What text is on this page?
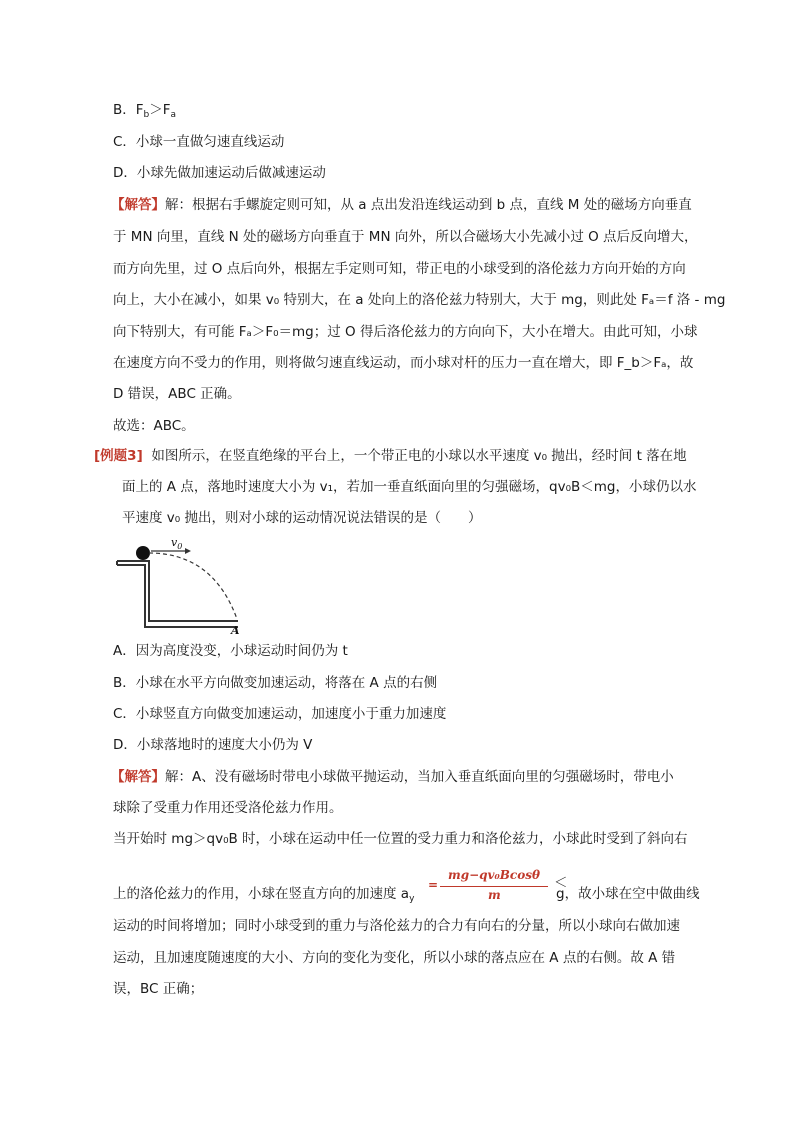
B．$F_b>F_a$
C．小球一直做匀速直线运动
D．小球先做加速运动后做减速运动
【解答】解：根据右手螺旋定则可知，从 a 点出发沿连线运动到 b 点，直线 M 处的磁场方向垂直
于 MN 向里，直线 N 处的磁场方向垂直于 MN 向外，所以合磁场大小先减小过 O 点后反向增大，
而方向先里，过 O 点后向外，根据左手定则可知，带正电的小球受到的洛伦兹力方向开始的方向
向上，大小在减小，如果 v₀ 特别大，在 a 处向上的洛伦兹力特别大，大于 mg，则此处 Fₐ＝f 洛 - mg
向下特别大，有可能 Fₐ＞F₀＝mg；过 O 得后洛伦兹力的方向向下，大小在增大。由此可知，小球
在速度方向不受力的作用，则将做匀速直线运动，而小球对杆的压力一直在增大，即 F_b＞Fₐ，故
D 错误，ABC 正确。
故选：ABC。
[例题3] 如图所示，在竖直绝缘的平台上，一个带正电的小球以水平速度 v₀ 抛出，经时间 t 落在地
面上的 A 点，落地时速度大小为 v₁，若加一垂直纸面向里的匀强磁场，qv₀B＜mg，小球仍以水
平速度 v₀ 抛出，则对小球的运动情况说法错误的是（　　）
$v_0$
A
A．因为高度没变，小球运动时间仍为 t
B．小球在水平方向做变加速运动，将落在 A 点的右侧
C．小球竖直方向做变加速运动，加速度小于重力加速度
D．小球落地时的速度大小仍为 V
【解答】解：A、没有磁场时带电小球做平抛运动，当加入垂直纸面向里的匀强磁场时，带电小
球除了受重力作用还受洛伦兹力作用。
当开始时 mg＞qv₀B 时，小球在运动中任一位置的受力重力和洛伦兹力，小球此时受到了斜向右
上的洛伦兹力的作用，小球在竖直方向的加速度 $a_y$
=
mg−qv₀Bcosθ
m
＜
g，故小球在空中做曲线
运动的时间将增加；同时小球受到的重力与洛伦兹力的合力有向右的分量，所以小球向右做加速
运动，且加速度随速度的大小、方向的变化为变化，所以小球的落点应在 A 点的右侧。故 A 错
误，BC 正确；
